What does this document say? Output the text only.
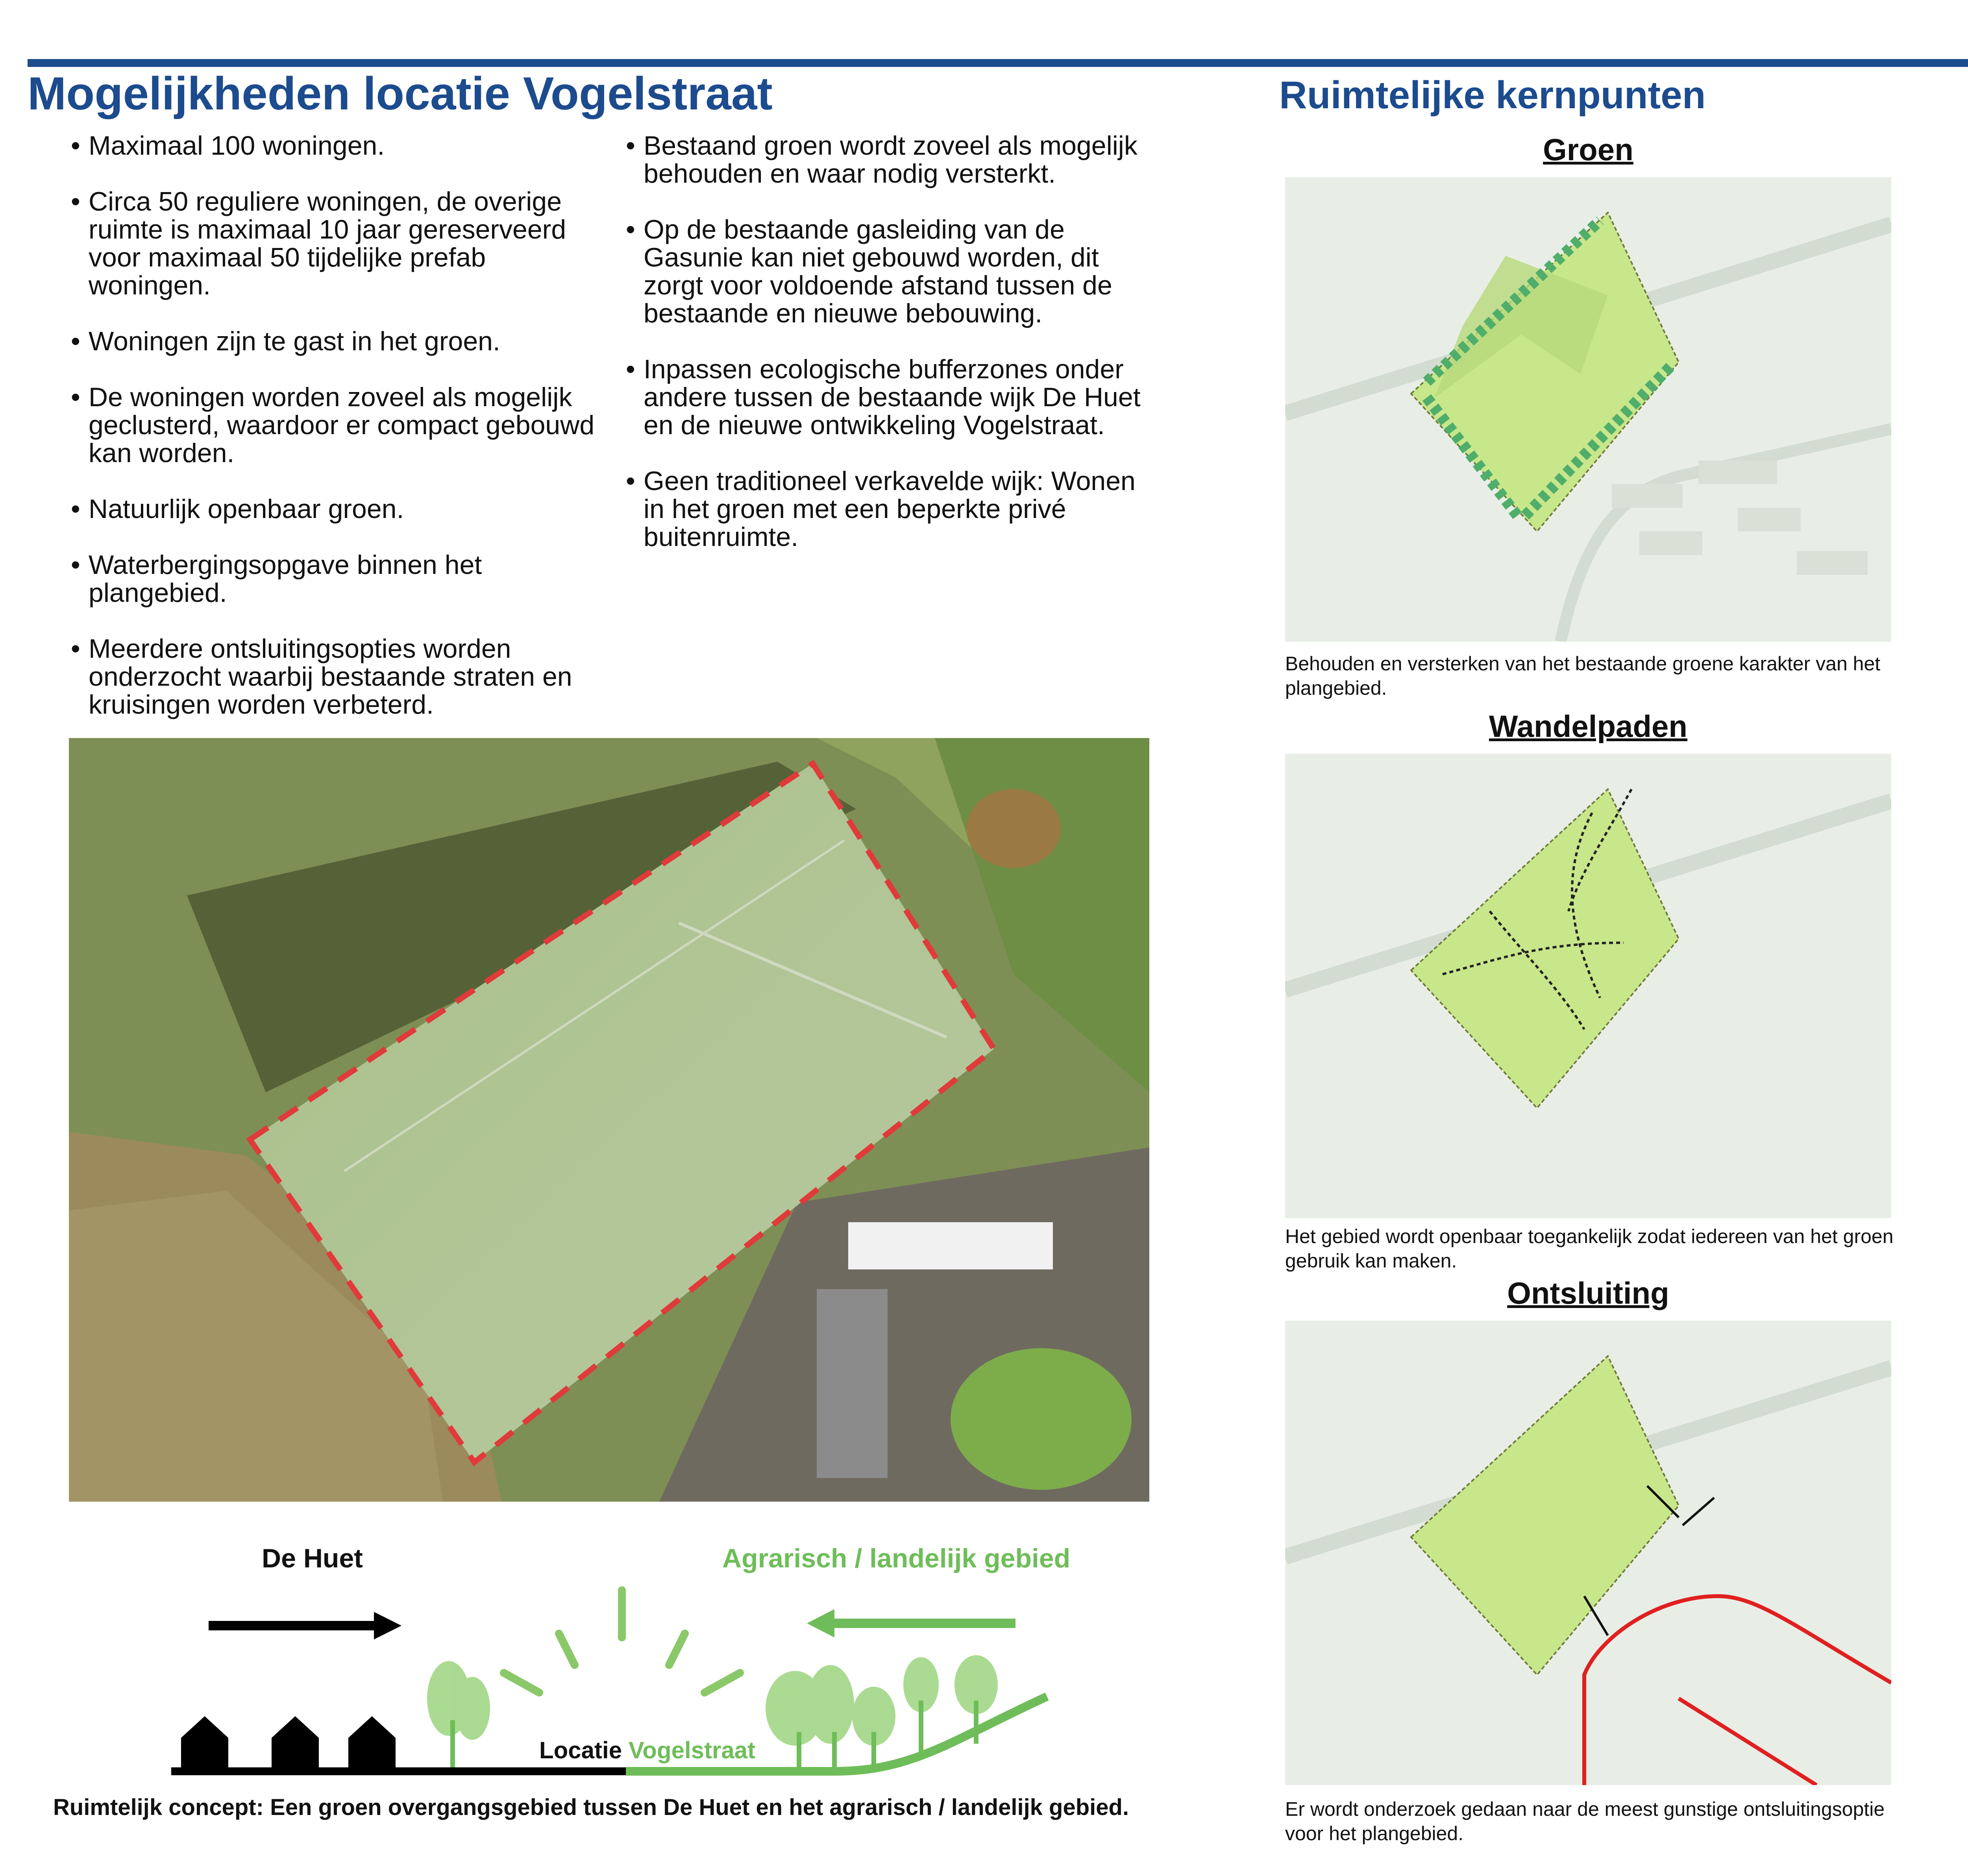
Mogelijkheden locatie Vogelstraat	Ruimtelijke kernpunten
• Maximaal 100 woningen.
• Circa 50 reguliere woningen, de overige ruimte is maximaal 10 jaar gereserveerd voor maximaal 50 tijdelijke prefab woningen.
• Woningen zijn te gast in het groen.
• De woningen worden zoveel als mogelijk geclusterd, waardoor er compact gebouwd kan worden.
• Natuurlijk openbaar groen.
• Waterbergingsopgave binnen het plangebied.
• Meerdere ontsluitingsopties worden onderzocht waarbij bestaande straten en kruisingen worden verbeterd.
• Bestaand groen wordt zoveel als mogelijk behouden en waar nodig versterkt.
• Op de bestaande gasleiding van de Gasunie kan niet gebouwd worden, dit zorgt voor voldoende afstand tussen de bestaande en nieuwe bebouwing.
• Inpassen ecologische bufferzones onder andere tussen de bestaande wijk De Huet en de nieuwe ontwikkeling Vogelstraat.
• Geen traditioneel verkavelde wijk: Wonen in het groen met een beperkte privé buitenruimte.
De Huet	Agrarisch / landelijk gebied
Locatie Vogelstraat
Ruimtelijk concept: Een groen overgangsgebied tussen De Huet en het agrarisch / landelijk gebied.
Groen
Behouden en versterken van het bestaande groene karakter van het plangebied.
Wandelpaden
Het gebied wordt openbaar toegankelijk zodat iedereen van het groen gebruik kan maken.
Ontsluiting
Er wordt onderzoek gedaan naar de meest gunstige ontsluitingsoptie voor het plangebied.
